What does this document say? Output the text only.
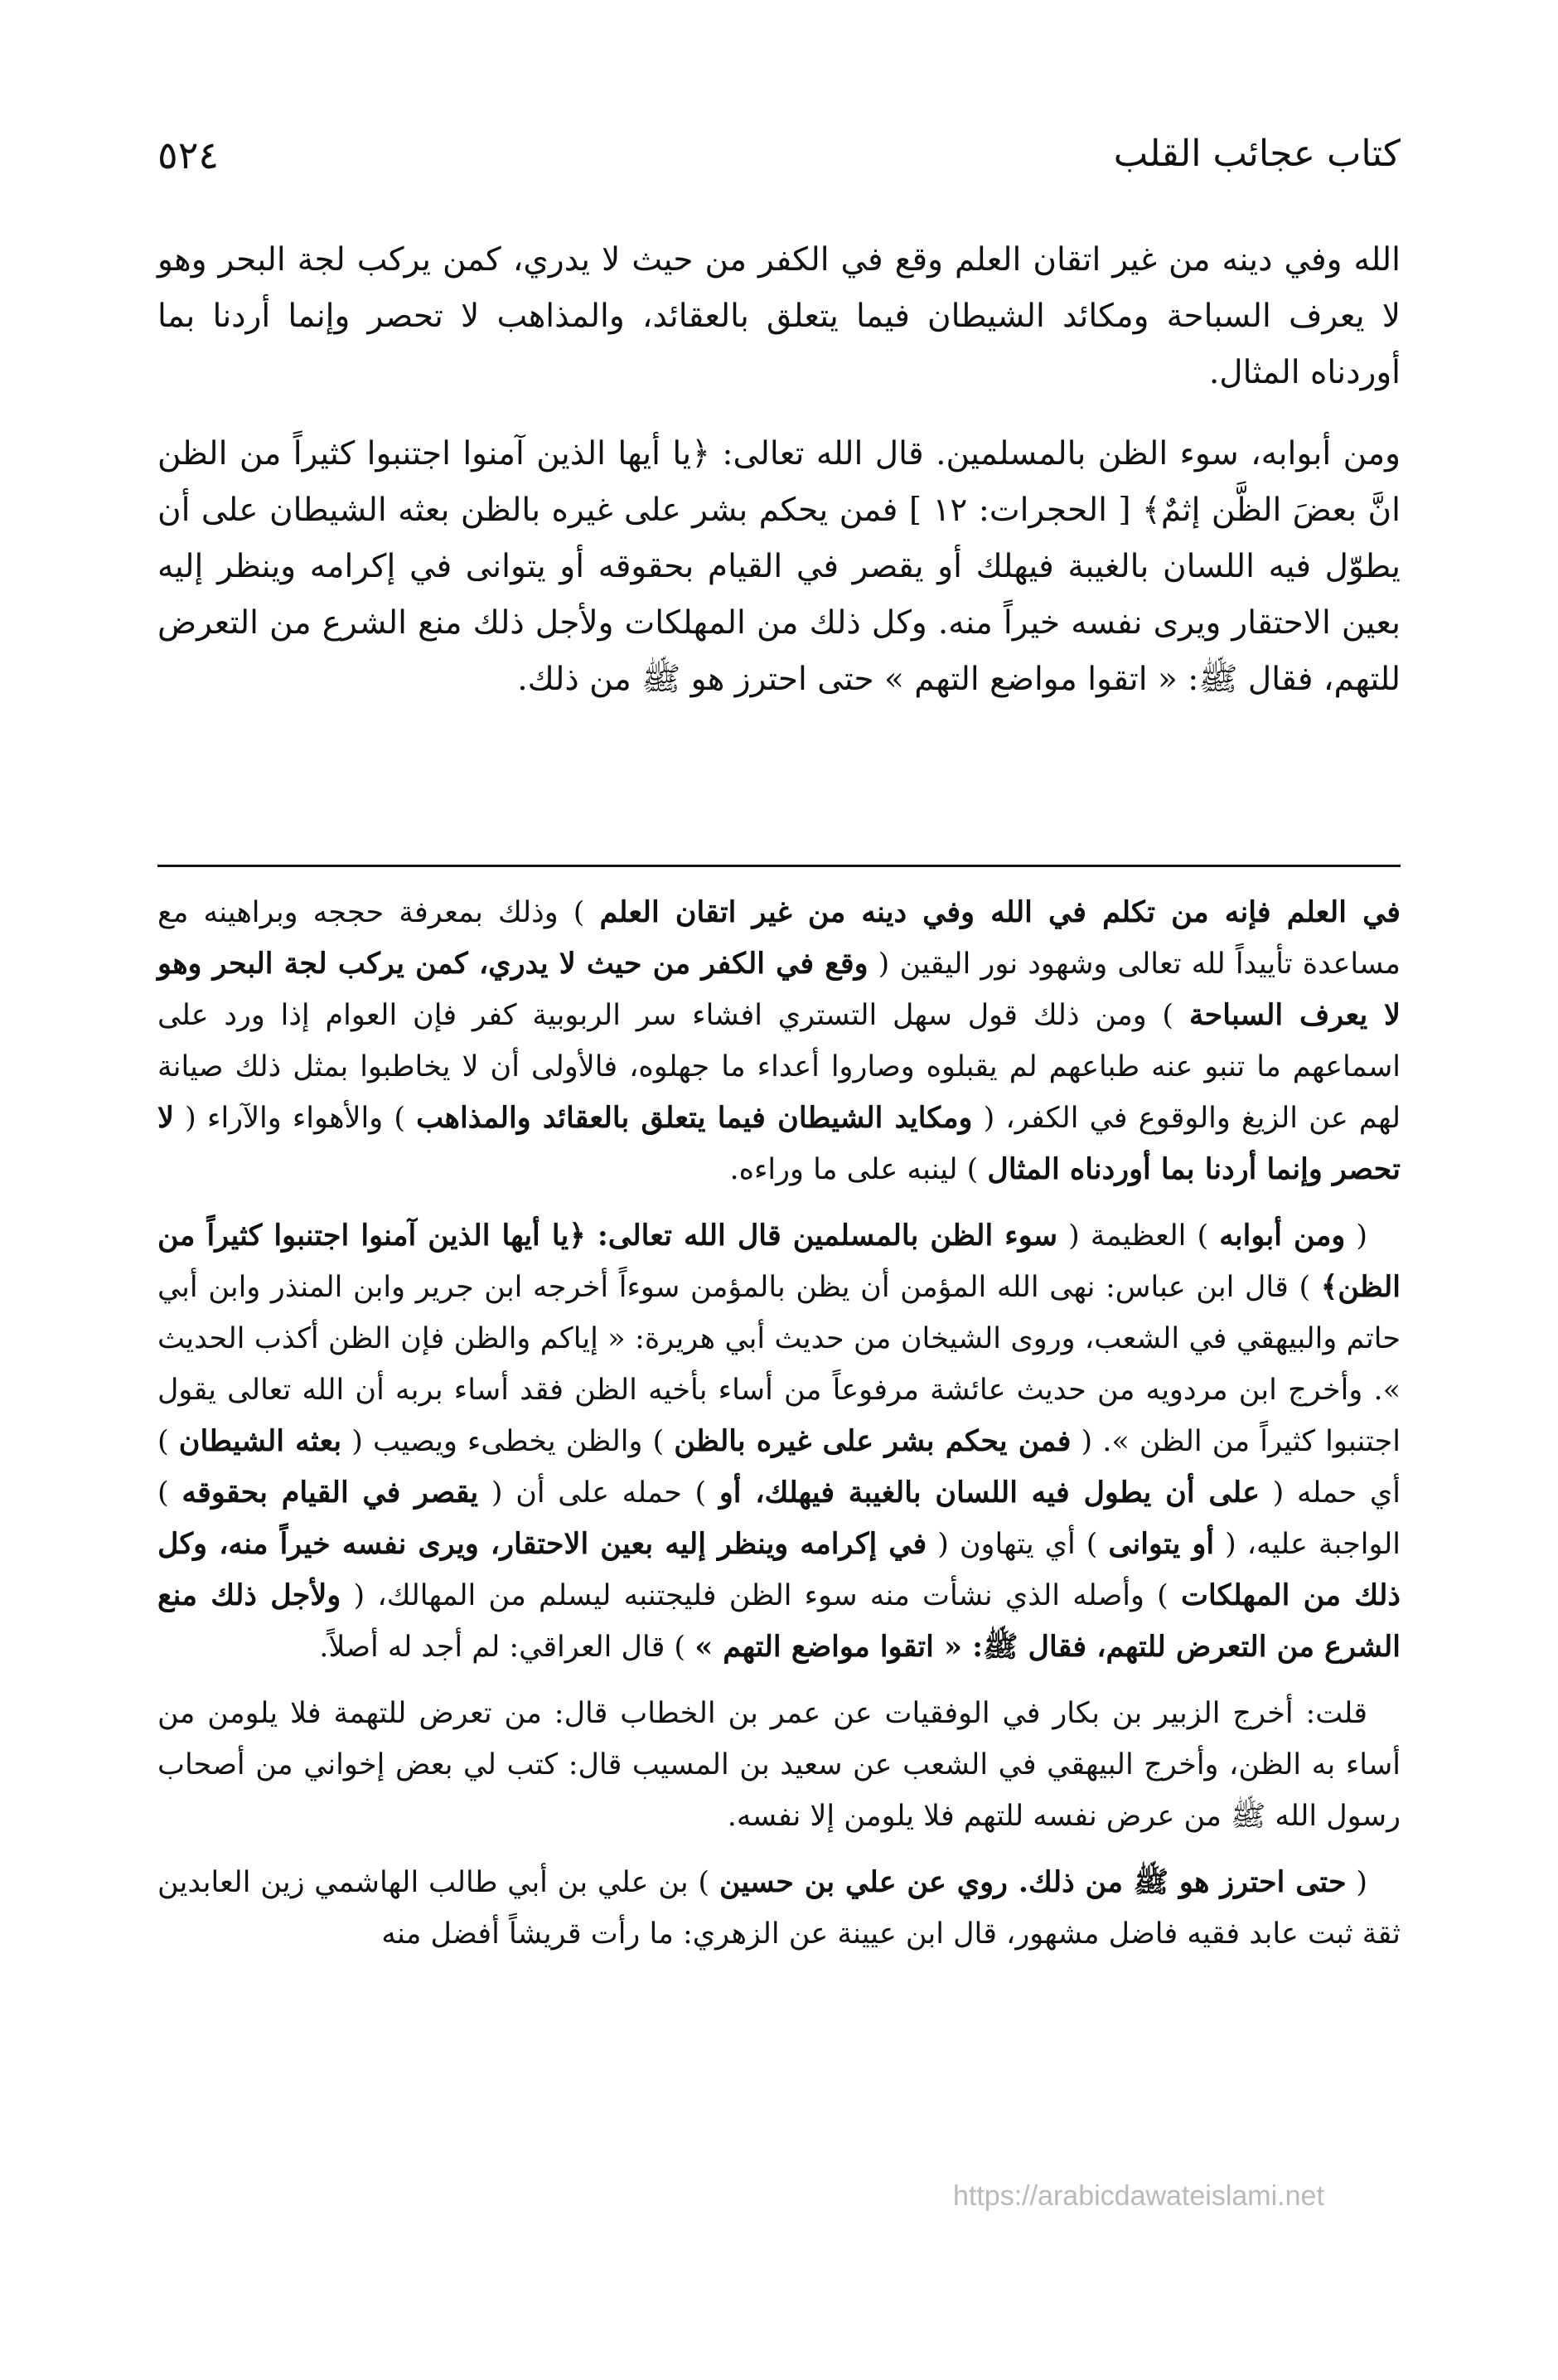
كتاب عجائب القلب
٥٢٤

الله وفي دينه من غير اتقان العلم وقع في الكفر من حيث لا يدري، كمن يركب لجة البحر وهو لا يعرف السباحة ومكائد الشيطان فيما يتعلق بالعقائد، والمذاهب لا تحصر وإنما أردنا بما أوردناه المثال.

ومن أبوابه، سوء الظن بالمسلمين. قال الله تعالى: ﴿يا أيها الذين آمنوا اجتنبوا كثيراً من الظن انَّ بعضَ الظَّن إثمٌ﴾ [ الحجرات: ١٢ ] فمن يحكم بشر على غيره بالظن بعثه الشيطان على أن يطوّل فيه اللسان بالغيبة فيهلك أو يقصر في القيام بحقوقه أو يتوانى في إكرامه وينظر إليه بعين الاحتقار ويرى نفسه خيراً منه. وكل ذلك من المهلكات ولأجل ذلك منع الشرع من التعرض للتهم، فقال ﷺ: « اتقوا مواضع التهم » حتى احترز هو ﷺ من ذلك.

في العلم فإنه من تكلم في الله وفي دينه من غير اتقان العلم ) وذلك بمعرفة حججه وبراهينه مع مساعدة تأييداً لله تعالى وشهود نور اليقين ( وقع في الكفر من حيث لا يدري، كمن يركب لجة البحر وهو لا يعرف السباحة ) ومن ذلك قول سهل التستري افشاء سر الربوبية كفر فإن العوام إذا ورد على اسماعهم ما تنبو عنه طباعهم لم يقبلوه وصاروا أعداء ما جهلوه، فالأولى أن لا يخاطبوا بمثل ذلك صيانة لهم عن الزيغ والوقوع في الكفر، ( ومكايد الشيطان فيما يتعلق بالعقائد والمذاهب ) والأهواء والآراء ( لا تحصر وإنما أردنا بما أوردناه المثال ) لينبه على ما وراءه.

( ومن أبوابه ) العظيمة ( سوء الظن بالمسلمين قال الله تعالى: ﴿يا أيها الذين آمنوا اجتنبوا كثيراً من الظن﴾ ) قال ابن عباس: نهى الله المؤمن أن يظن بالمؤمن سوءاً أخرجه ابن جرير وابن المنذر وابن أبي حاتم والبيهقي في الشعب، وروى الشيخان من حديث أبي هريرة: « إياكم والظن فإن الظن أكذب الحديث ». وأخرج ابن مردويه من حديث عائشة مرفوعاً من أساء بأخيه الظن فقد أساء بربه أن الله تعالى يقول اجتنبوا كثيراً من الظن ». ( فمن يحكم بشر على غيره بالظن ) والظن يخطىء ويصيب ( بعثه الشيطان ) أي حمله ( على أن يطول فيه اللسان بالغيبة فيهلك، أو ) حمله على أن ( يقصر في القيام بحقوقه ) الواجبة عليه، ( أو يتوانى ) أي يتهاون ( في إكرامه وينظر إليه بعين الاحتقار، ويرى نفسه خيراً منه، وكل ذلك من المهلكات ) وأصله الذي نشأت منه سوء الظن فليجتنبه ليسلم من المهالك، ( ولأجل ذلك منع الشرع من التعرض للتهم، فقال ﷺ: « اتقوا مواضع التهم » ) قال العراقي: لم أجد له أصلاً.

قلت: أخرج الزبير بن بكار في الوفقيات عن عمر بن الخطاب قال: من تعرض للتهمة فلا يلومن من أساء به الظن، وأخرج البيهقي في الشعب عن سعيد بن المسيب قال: كتب لي بعض إخواني من أصحاب رسول الله ﷺ من عرض نفسه للتهم فلا يلومن إلا نفسه.

( حتى احترز هو ﷺ من ذلك. روي عن علي بن حسين ) بن علي بن أبي طالب الهاشمي زين العابدين ثقة ثبت عابد فقيه فاضل مشهور، قال ابن عيينة عن الزهري: ما رأت قريشاً أفضل منه

https://arabicdawateislami.net
